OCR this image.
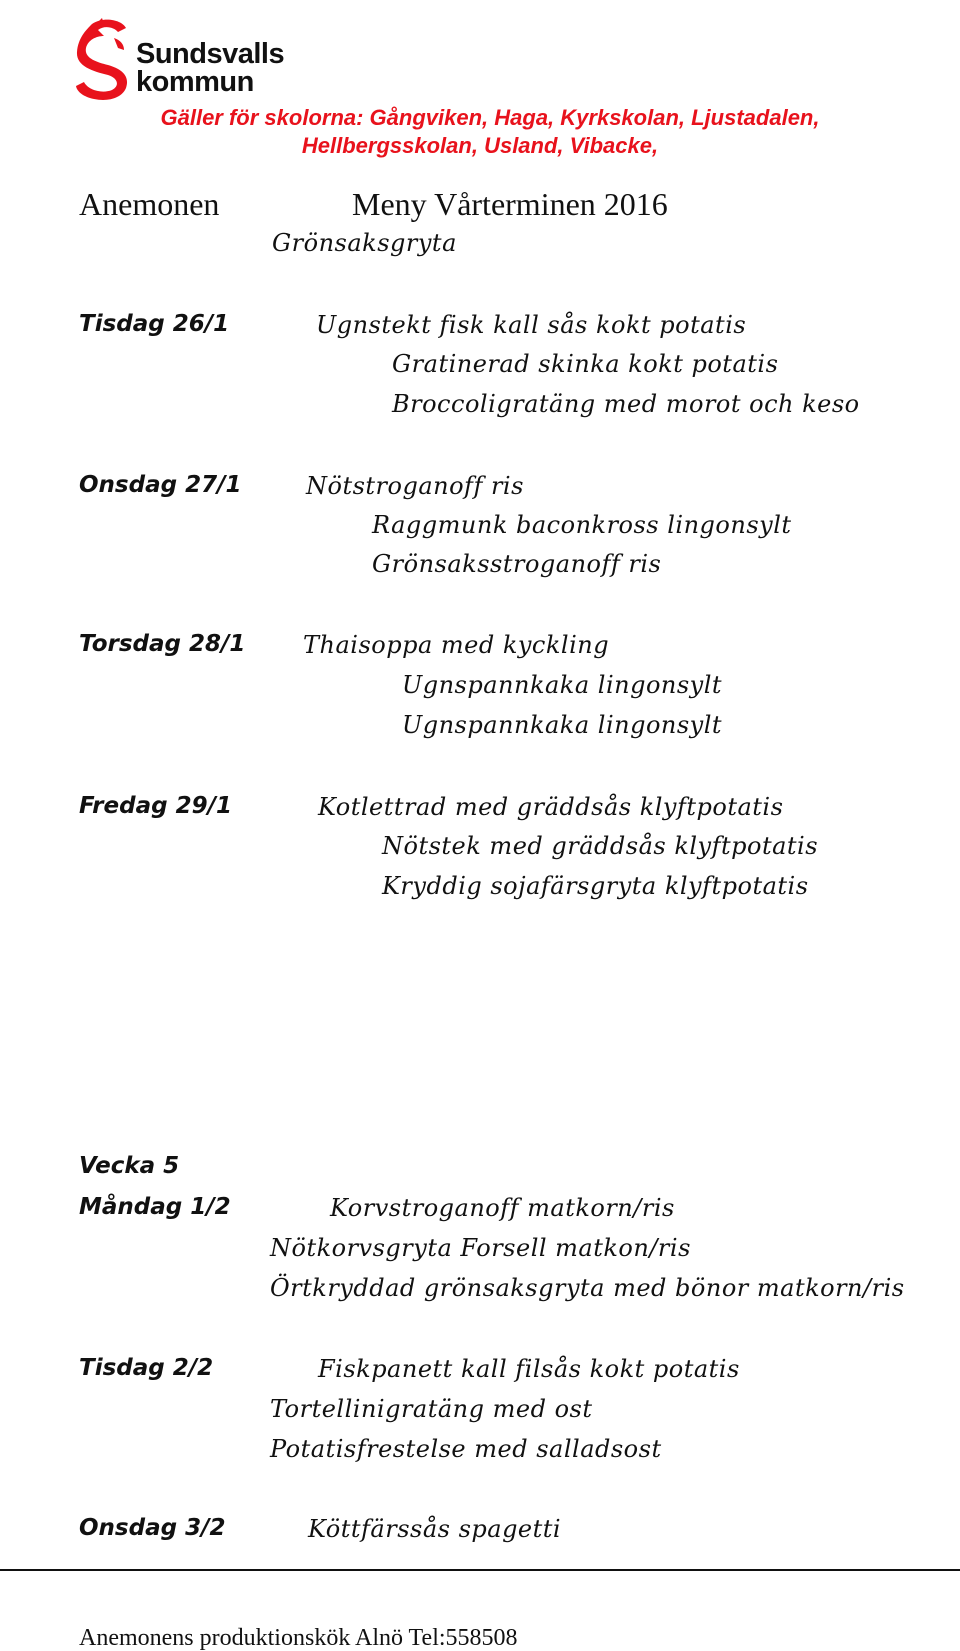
Sundsvalls
kommun
Gäller för skolorna: Gångviken, Haga, Kyrkskolan, Ljustadalen,
Hellbergsskolan, Usland, Vibacke,
Anemonen	Meny Vårterminen 2016
Grönsaksgryta
Tisdag 26/1	Ugnstekt fisk kall sås kokt potatis
Gratinerad skinka kokt potatis
Broccoligratäng med morot och keso
Onsdag 27/1	Nötstroganoff ris
Raggmunk baconkross lingonsylt
Grönsaksstroganoff ris
Torsdag 28/1 Thaisoppa med kyckling
Ugnspannkaka lingonsylt
Ugnspannkaka lingonsylt
Fredag 29/1	Kotlettrad med gräddsås klyftpotatis
Nötstek med gräddsås klyftpotatis
Kryddig sojafärsgryta klyftpotatis
Vecka 5
Måndag 1/2	Korvstroganoff matkorn/ris
Nötkorvsgryta Forsell matkon/ris
Örtkryddad grönsaksgryta med bönor matkorn/ris
Tisdag 2/2	Fiskpanett kall filsås kokt potatis
Tortellinigratäng med ost
Potatisfrestelse med salladsost
Onsdag 3/2	Köttfärssås spagetti
Anemonens produktionskök Alnö Tel:558508
